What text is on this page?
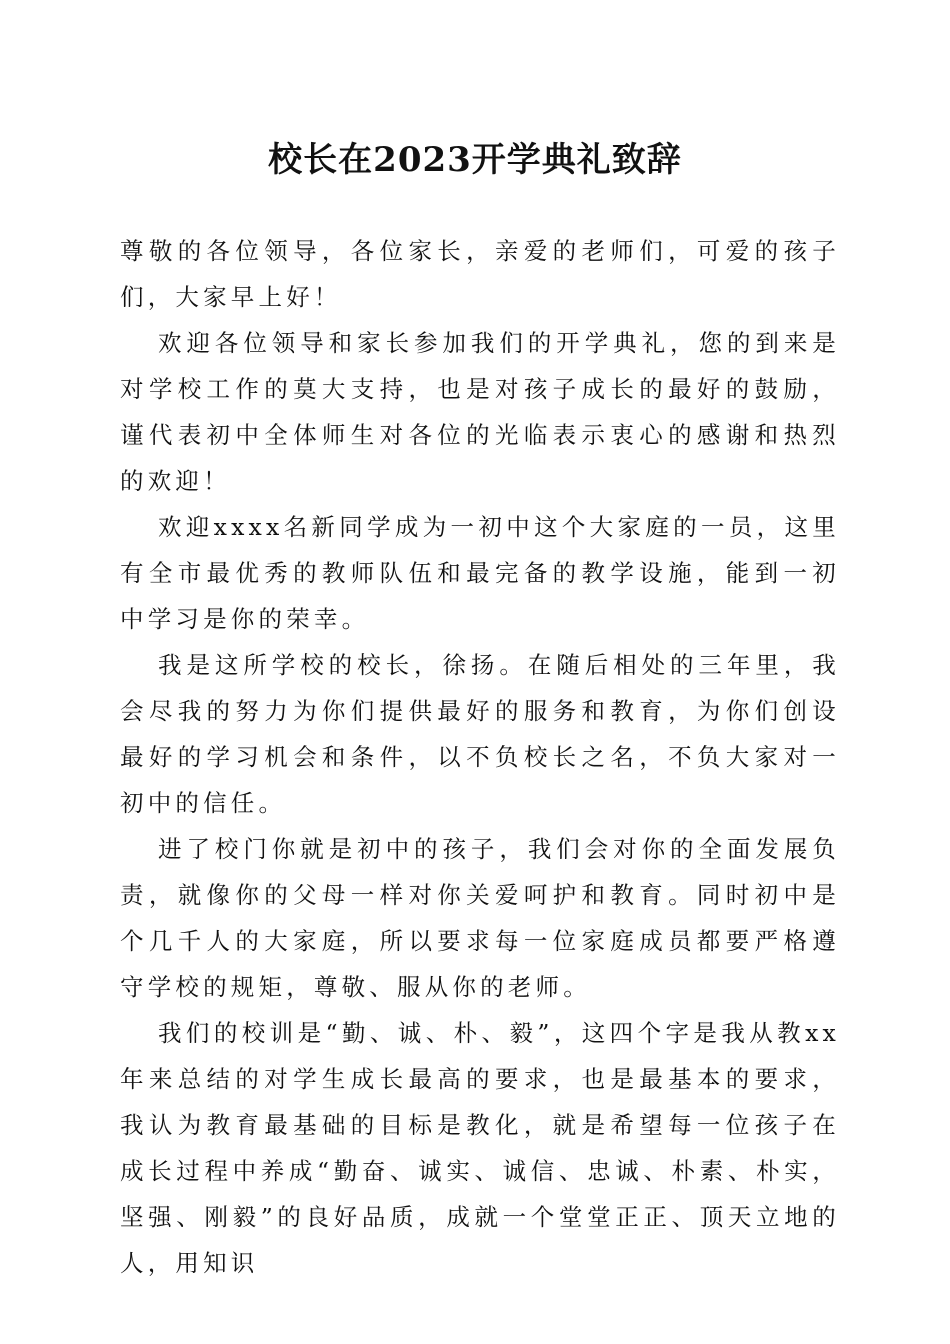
校长在2023开学典礼致辞

尊敬的各位领导，各位家长，亲爱的老师们，可爱的孩子们，大家早上好！

欢迎各位领导和家长参加我们的开学典礼，您的到来是对学校工作的莫大支持，也是对孩子成长的最好的鼓励，谨代表初中全体师生对各位的光临表示衷心的感谢和热烈的欢迎！

欢迎xxxx名新同学成为一初中这个大家庭的一员，这里有全市最优秀的教师队伍和最完备的教学设施，能到一初中学习是你的荣幸。

我是这所学校的校长，徐扬。在随后相处的三年里，我会尽我的努力为你们提供最好的服务和教育，为你们创设最好的学习机会和条件，以不负校长之名，不负大家对一初中的信任。

进了校门你就是初中的孩子，我们会对你的全面发展负责，就像你的父母一样对你关爱呵护和教育。同时初中是个几千人的大家庭，所以要求每一位家庭成员都要严格遵守学校的规矩，尊敬、服从你的老师。

我们的校训是“勤、诚、朴、毅”，这四个字是我从教xx年来总结的对学生成长最高的要求，也是最基本的要求，我认为教育最基础的目标是教化，就是希望每一位孩子在成长过程中养成“勤奋、诚实、诚信、忠诚、朴素、朴实，坚强、刚毅”的良好品质，成就一个堂堂正正、顶天立地的人，用知识
